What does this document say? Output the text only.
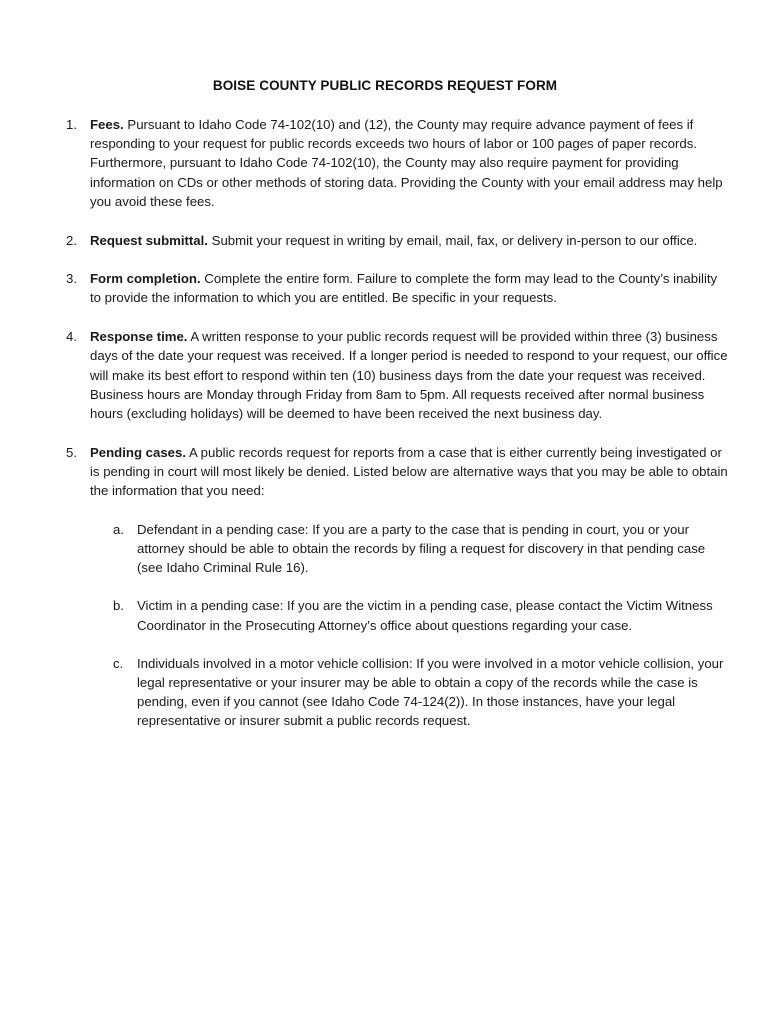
BOISE COUNTY PUBLIC RECORDS REQUEST FORM
1. Fees. Pursuant to Idaho Code 74-102(10) and (12), the County may require advance payment of fees if responding to your request for public records exceeds two hours of labor or 100 pages of paper records. Furthermore, pursuant to Idaho Code 74-102(10), the County may also require payment for providing information on CDs or other methods of storing data. Providing the County with your email address may help you avoid these fees.
2. Request submittal. Submit your request in writing by email, mail, fax, or delivery in-person to our office.
3. Form completion. Complete the entire form. Failure to complete the form may lead to the County’s inability to provide the information to which you are entitled. Be specific in your requests.
4. Response time. A written response to your public records request will be provided within three (3) business days of the date your request was received. If a longer period is needed to respond to your request, our office will make its best effort to respond within ten (10) business days from the date your request was received. Business hours are Monday through Friday from 8am to 5pm. All requests received after normal business hours (excluding holidays) will be deemed to have been received the next business day.
5. Pending cases. A public records request for reports from a case that is either currently being investigated or is pending in court will most likely be denied. Listed below are alternative ways that you may be able to obtain the information that you need:
a. Defendant in a pending case: If you are a party to the case that is pending in court, you or your attorney should be able to obtain the records by filing a request for discovery in that pending case (see Idaho Criminal Rule 16).
b. Victim in a pending case: If you are the victim in a pending case, please contact the Victim Witness Coordinator in the Prosecuting Attorney’s office about questions regarding your case.
c.	Individuals involved in a motor vehicle collision: If you were involved in a motor vehicle collision, your legal representative or your insurer may be able to obtain a copy of the records while the case is pending, even if you cannot (see Idaho Code 74-124(2)). In those instances, have your legal representative or insurer submit a public records request.
